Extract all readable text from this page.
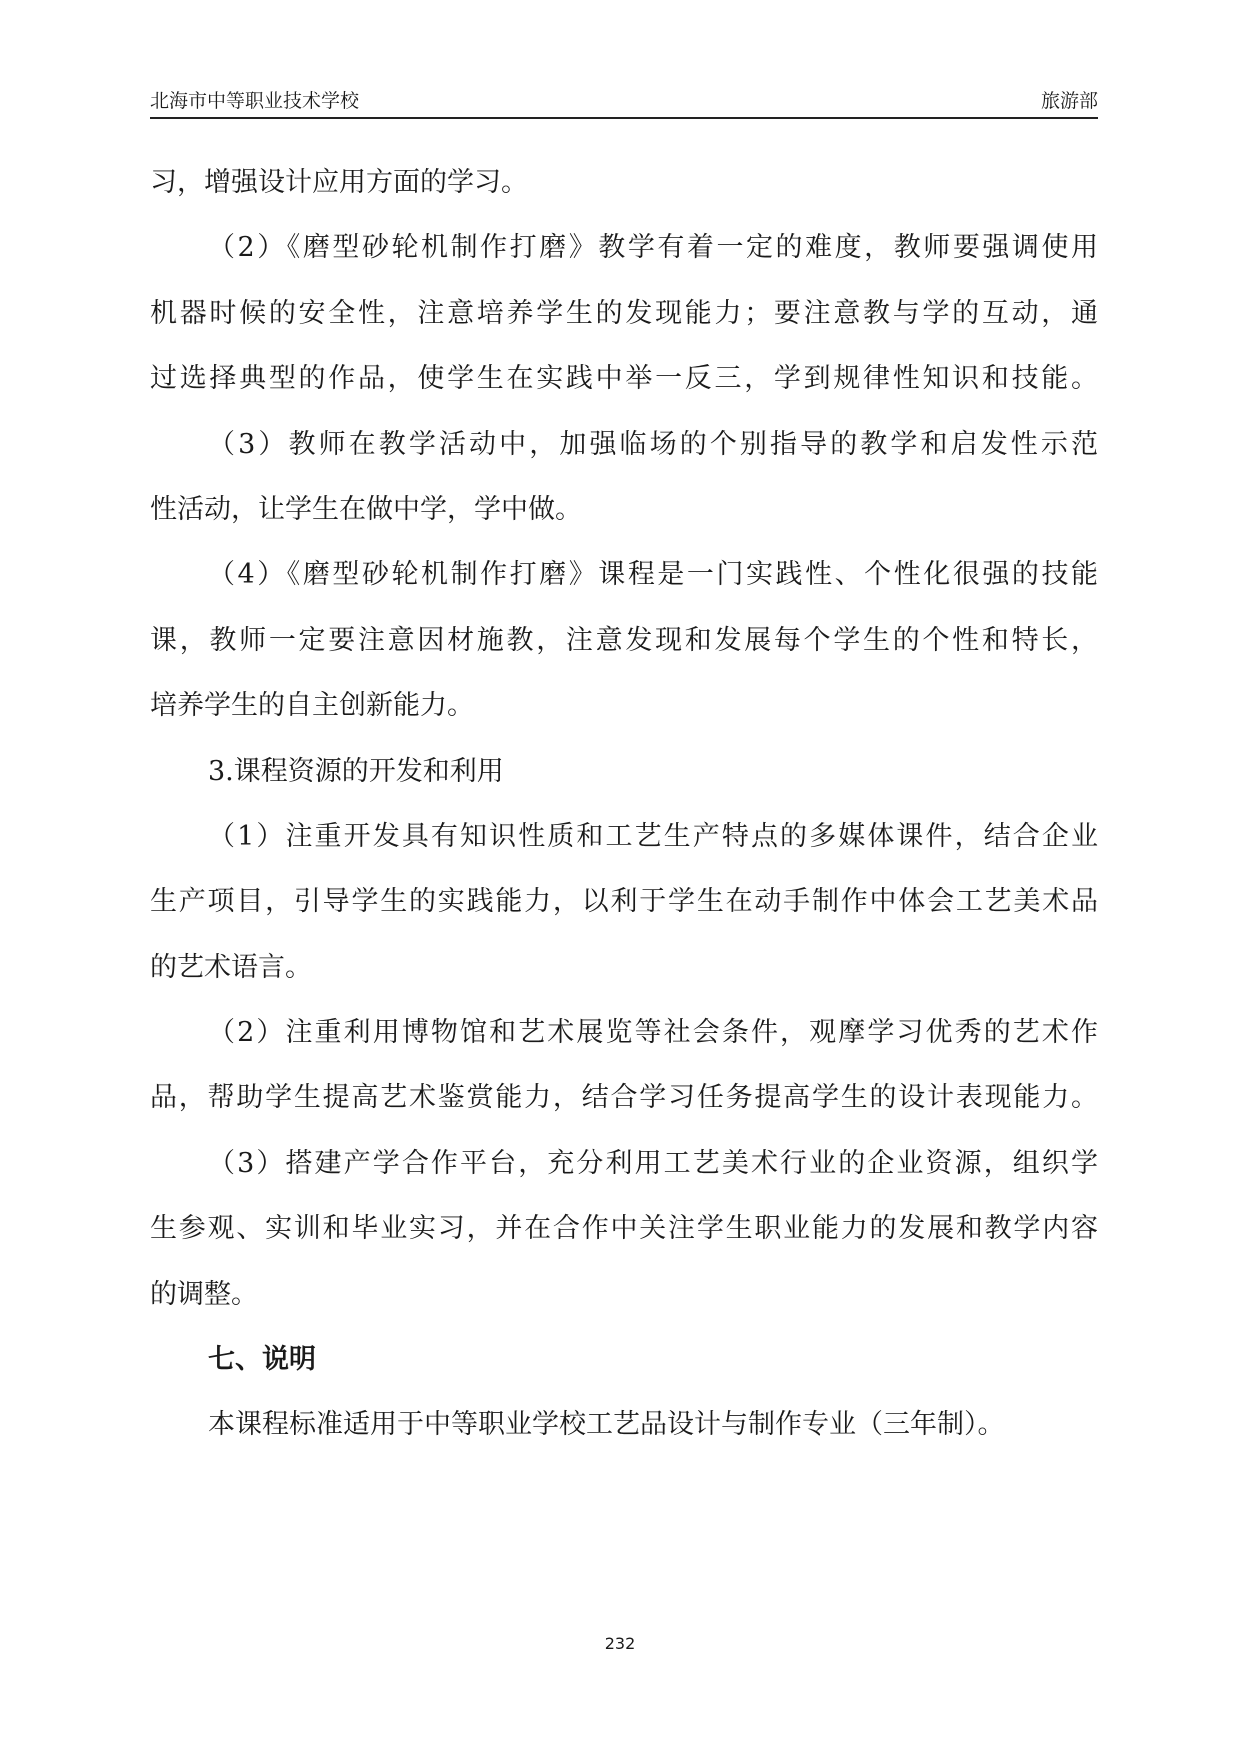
北海市中等职业技术学校	旅游部
习，增强设计应用方面的学习。
（2）《磨型砂轮机制作打磨》教学有着一定的难度，教师要强调使用
机器时候的安全性，注意培养学生的发现能力；要注意教与学的互动，通
过选择典型的作品，使学生在实践中举一反三，学到规律性知识和技能。
（3）教师在教学活动中，加强临场的个别指导的教学和启发性示范
性活动，让学生在做中学，学中做。
（4）《磨型砂轮机制作打磨》课程是一门实践性、个性化很强的技能
课，教师一定要注意因材施教，注意发现和发展每个学生的个性和特长，
培养学生的自主创新能力。
3.课程资源的开发和利用
（1）注重开发具有知识性质和工艺生产特点的多媒体课件，结合企业
生产项目，引导学生的实践能力，以利于学生在动手制作中体会工艺美术品
的艺术语言。
（2）注重利用博物馆和艺术展览等社会条件，观摩学习优秀的艺术作
品，帮助学生提高艺术鉴赏能力，结合学习任务提高学生的设计表现能力。
（3）搭建产学合作平台，充分利用工艺美术行业的企业资源，组织学
生参观、实训和毕业实习，并在合作中关注学生职业能力的发展和教学内容
的调整。
七、说明
本课程标准适用于中等职业学校工艺品设计与制作专业（三年制）。
232
